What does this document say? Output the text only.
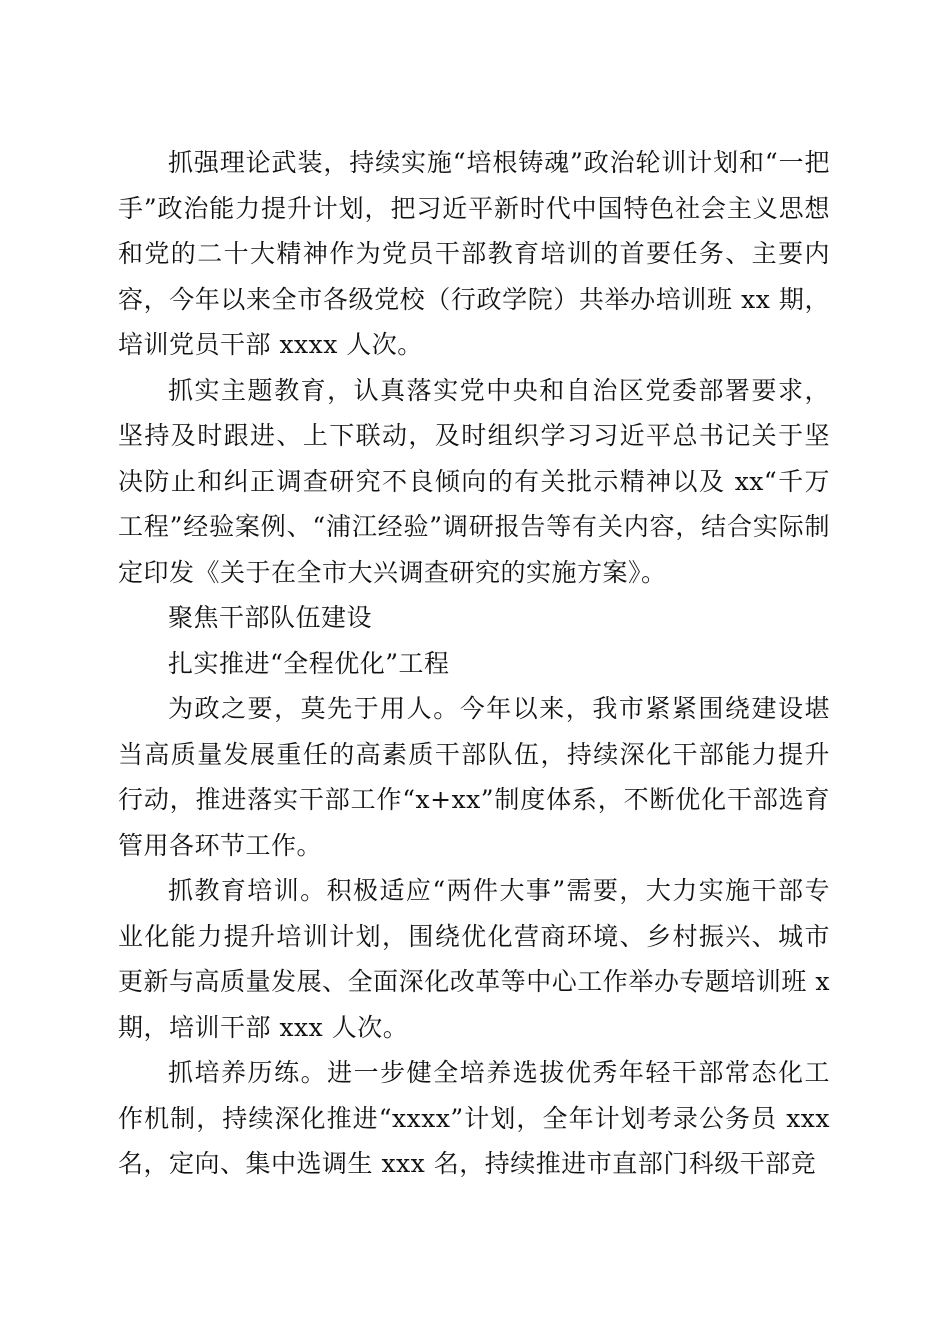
抓强理论武装，持续实施“培根铸魂”政治轮训计划和“一把手”政治能力提升计划，把习近平新时代中国特色社会主义思想和党的二十大精神作为党员干部教育培训的首要任务、主要内容，今年以来全市各级党校（行政学院）共举办培训班 xx 期，培训党员干部 xxxx 人次。

抓实主题教育，认真落实党中央和自治区党委部署要求，坚持及时跟进、上下联动，及时组织学习习近平总书记关于坚决防止和纠正调查研究不良倾向的有关批示精神以及 xx“千万工程”经验案例、“浦江经验”调研报告等有关内容，结合实际制定印发《关于在全市大兴调查研究的实施方案》。

聚焦干部队伍建设

扎实推进“全程优化”工程

为政之要，莫先于用人。今年以来，我市紧紧围绕建设堪当高质量发展重任的高素质干部队伍，持续深化干部能力提升行动，推进落实干部工作“x+xx”制度体系，不断优化干部选育管用各环节工作。

抓教育培训。积极适应“两件大事”需要，大力实施干部专业化能力提升培训计划，围绕优化营商环境、乡村振兴、城市更新与高质量发展、全面深化改革等中心工作举办专题培训班 x 期，培训干部 xxx 人次。

抓培养历练。进一步健全培养选拔优秀年轻干部常态化工作机制，持续深化推进“xxxx”计划，全年计划考录公务员 xxx 名，定向、集中选调生 xxx 名，持续推进市直部门科级干部竞
